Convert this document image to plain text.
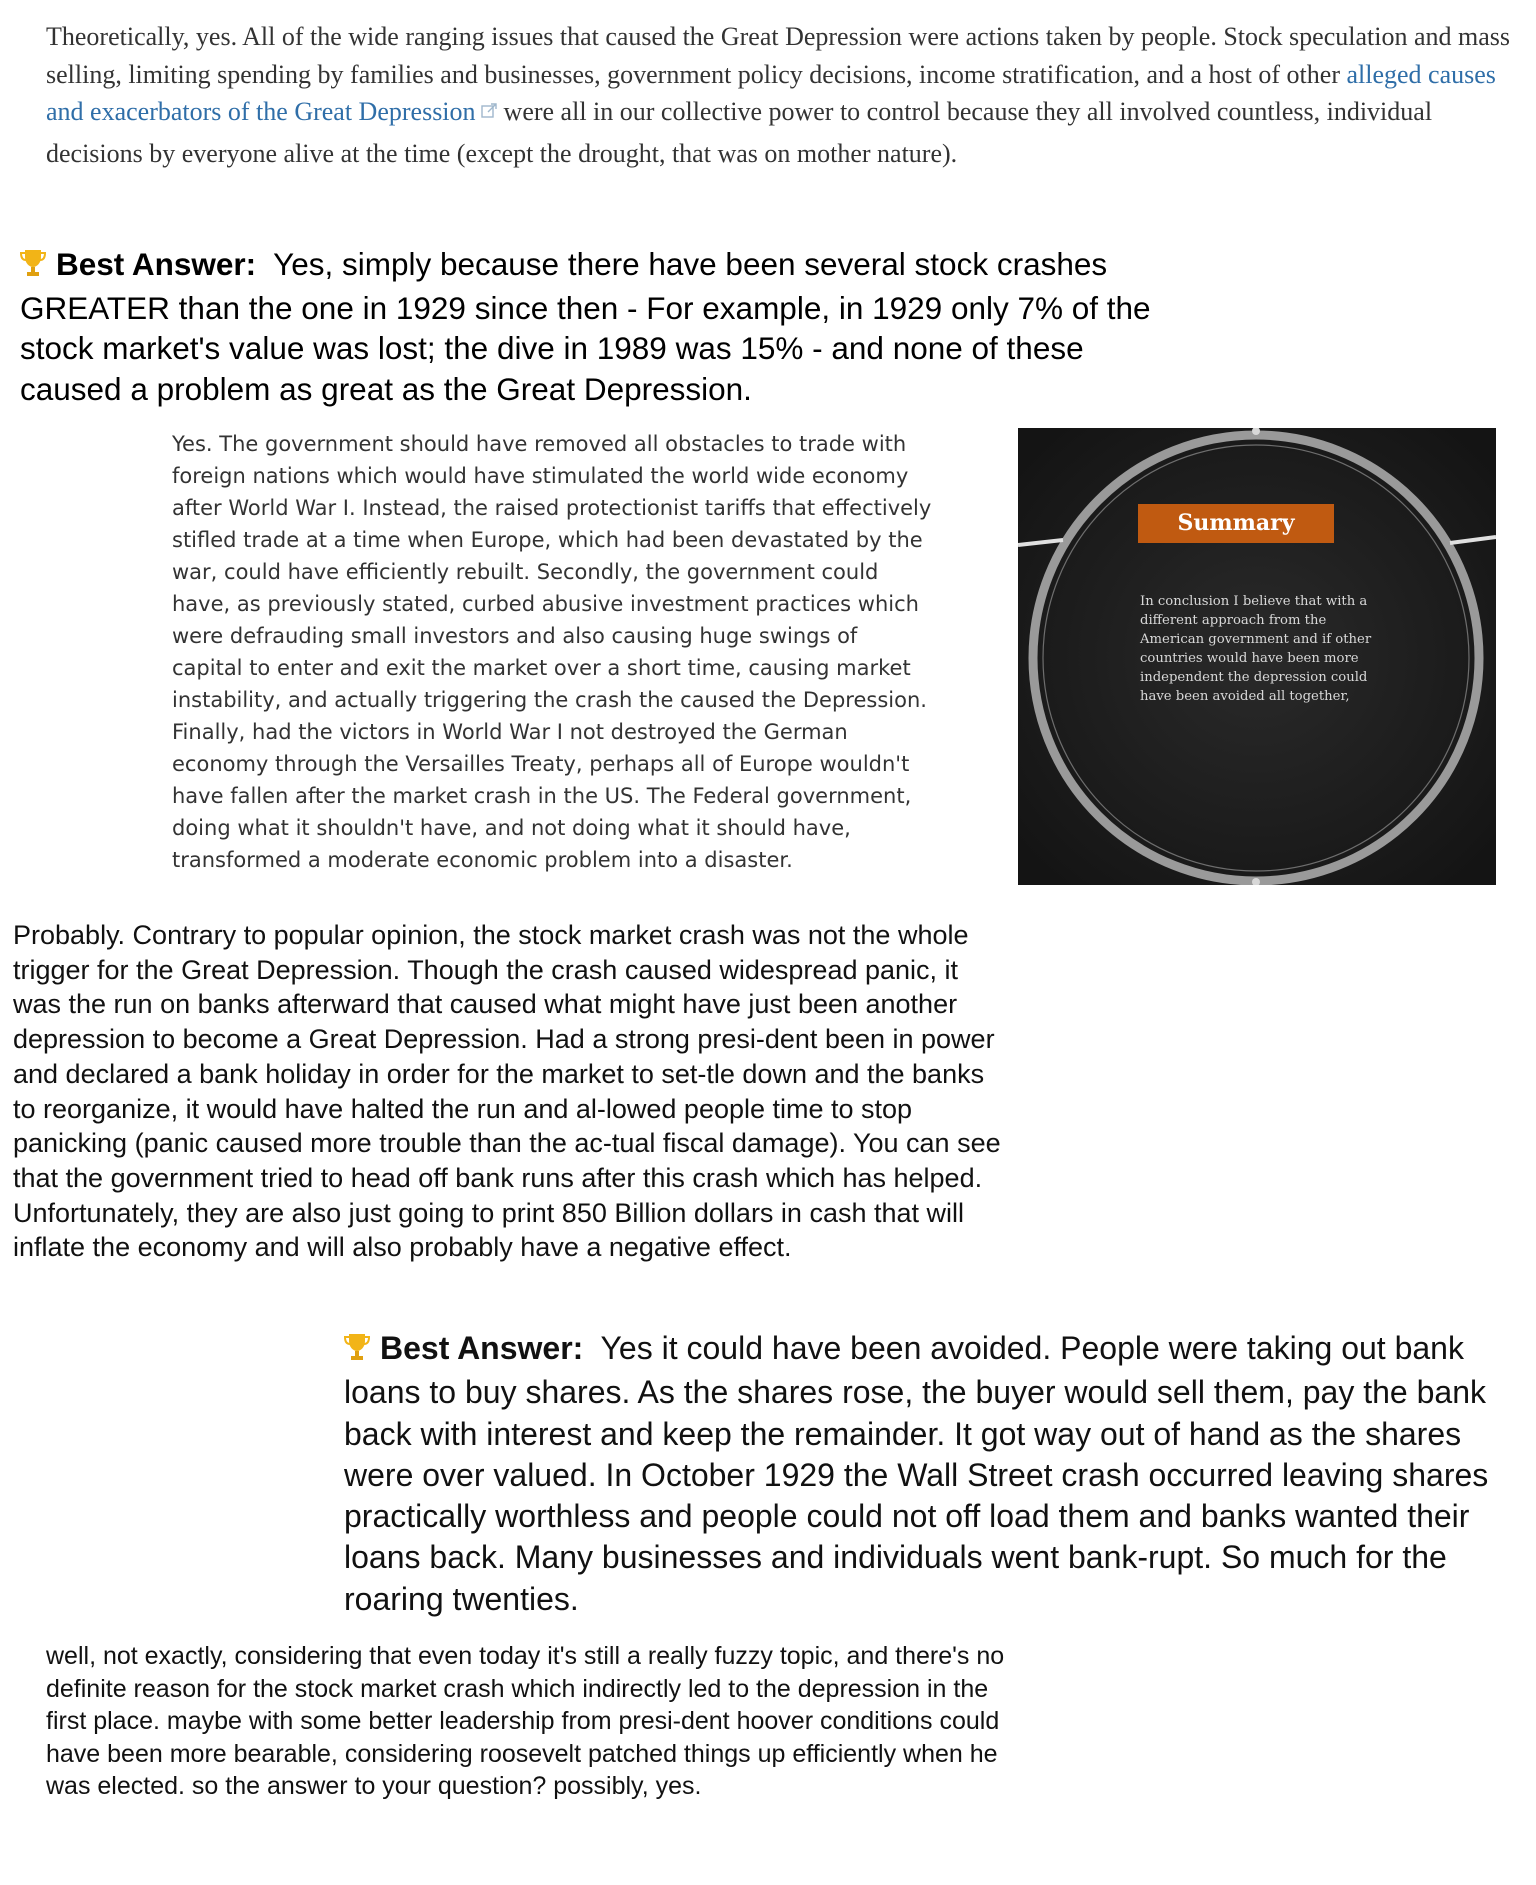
Theoretically, yes. All of the wide ranging issues that caused the Great Depression were actions taken by people. Stock speculation and mass selling, limiting spending by families and businesses, government policy decisions, income stratification, and a host of other alleged causes and exacerbators of the Great Depression were all in our collective power to control because they all involved countless, individual decisions by everyone alive at the time (except the drought, that was on mother nature).
Best Answer: Yes, simply because there have been several stock crashes GREATER than the one in 1929 since then - For example, in 1929 only 7% of the stock market's value was lost; the dive in 1989 was 15% - and none of these caused a problem as great as the Great Depression.
Yes. The government should have removed all obstacles to trade with foreign nations which would have stimulated the world wide economy after World War I. Instead, the raised protectionist tariffs that effectively stifled trade at a time when Europe, which had been devastated by the war, could have efficiently rebuilt. Secondly, the government could have, as previously stated, curbed abusive investment practices which were defrauding small investors and also causing huge swings of capital to enter and exit the market over a short time, causing market instability, and actually triggering the crash the caused the Depression. Finally, had the victors in World War I not destroyed the German economy through the Versailles Treaty, perhaps all of Europe wouldn't have fallen after the market crash in the US. The Federal government, doing what it shouldn't have, and not doing what it should have, transformed a moderate economic problem into a disaster.
Summary
In conclusion I believe that with a different approach from the American government and if other countries would have been more independent the depression could have been avoided all together,
Probably. Contrary to popular opinion, the stock market crash was not the whole trigger for the Great Depression. Though the crash caused widespread panic, it was the run on banks afterward that caused what might have just been another depression to become a Great Depression. Had a strong presi-dent been in power and declared a bank holiday in order for the market to set-tle down and the banks to reorganize, it would have halted the run and al-lowed people time to stop panicking (panic caused more trouble than the ac-tual fiscal damage). You can see that the government tried to head off bank runs after this crash which has helped. Unfortunately, they are also just going to print 850 Billion dollars in cash that will inflate the economy and will also probably have a negative effect.
Best Answer: Yes it could have been avoided. People were taking out bank loans to buy shares. As the shares rose, the buyer would sell them, pay the bank back with interest and keep the remainder. It got way out of hand as the shares were over valued. In October 1929 the Wall Street crash occurred leaving shares practically worthless and people could not off load them and banks wanted their loans back. Many businesses and individuals went bank-rupt. So much for the roaring twenties.
well, not exactly, considering that even today it's still a really fuzzy topic, and there's no definite reason for the stock market crash which indirectly led to the depression in the first place. maybe with some better leadership from presi-dent hoover conditions could have been more bearable, considering roosevelt patched things up efficiently when he was elected. so the answer to your question? possibly, yes.
